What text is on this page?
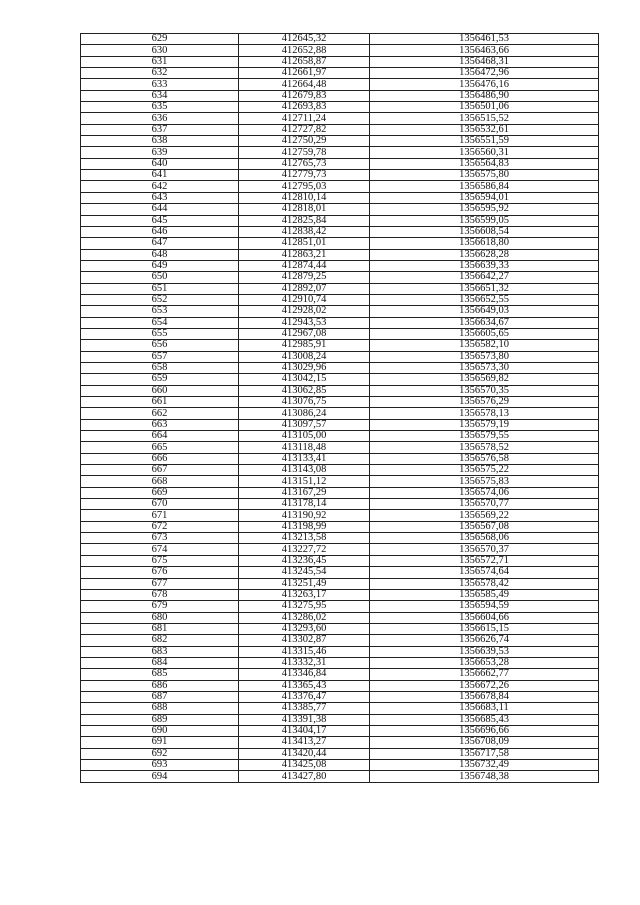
629	412645,32	1356461,53
630	412652,88	1356463,66
631	412658,87	1356468,31
632	412661,97	1356472,96
633	412664,48	1356476,16
634	412679,83	1356486,90
635	412693,83	1356501,06
636	412711,24	1356515,52
637	412727,82	1356532,61
638	412750,29	1356551,59
639	412759,78	1356560,31
640	412765,73	1356564,83
641	412779,73	1356575,80
642	412795,03	1356586,84
643	412810,14	1356594,01
644	412818,01	1356595,92
645	412825,84	1356599,05
646	412838,42	1356608,54
647	412851,01	1356618,80
648	412863,21	1356628,28
649	412874,44	1356639,33
650	412879,25	1356642,27
651	412892,07	1356651,32
652	412910,74	1356652,55
653	412928,02	1356649,03
654	412943,53	1356634,67
655	412967,08	1356605,65
656	412985,91	1356582,10
657	413008,24	1356573,80
658	413029,96	1356573,30
659	413042,15	1356569,82
660	413062,85	1356570,35
661	413076,75	1356576,29
662	413086,24	1356578,13
663	413097,57	1356579,19
664	413105,00	1356579,55
665	413118,48	1356578,52
666	413133,41	1356576,58
667	413143,08	1356575,22
668	413151,12	1356575,83
669	413167,29	1356574,06
670	413178,14	1356570,77
671	413190,92	1356569,22
672	413198,99	1356567,08
673	413213,58	1356568,06
674	413227,72	1356570,37
675	413236,45	1356572,71
676	413245,54	1356574,64
677	413251,49	1356578,42
678	413263,17	1356585,49
679	413275,95	1356594,59
680	413286,02	1356604,66
681	413293,60	1356615,15
682	413302,87	1356626,74
683	413315,46	1356639,53
684	413332,31	1356653,28
685	413346,84	1356662,77
686	413365,43	1356672,26
687	413376,47	1356678,84
688	413385,77	1356683,11
689	413391,38	1356685,43
690	413404,17	1356696,66
691	413413,27	1356708,09
692	413420,44	1356717,58
693	413425,08	1356732,49
694	413427,80	1356748,38
